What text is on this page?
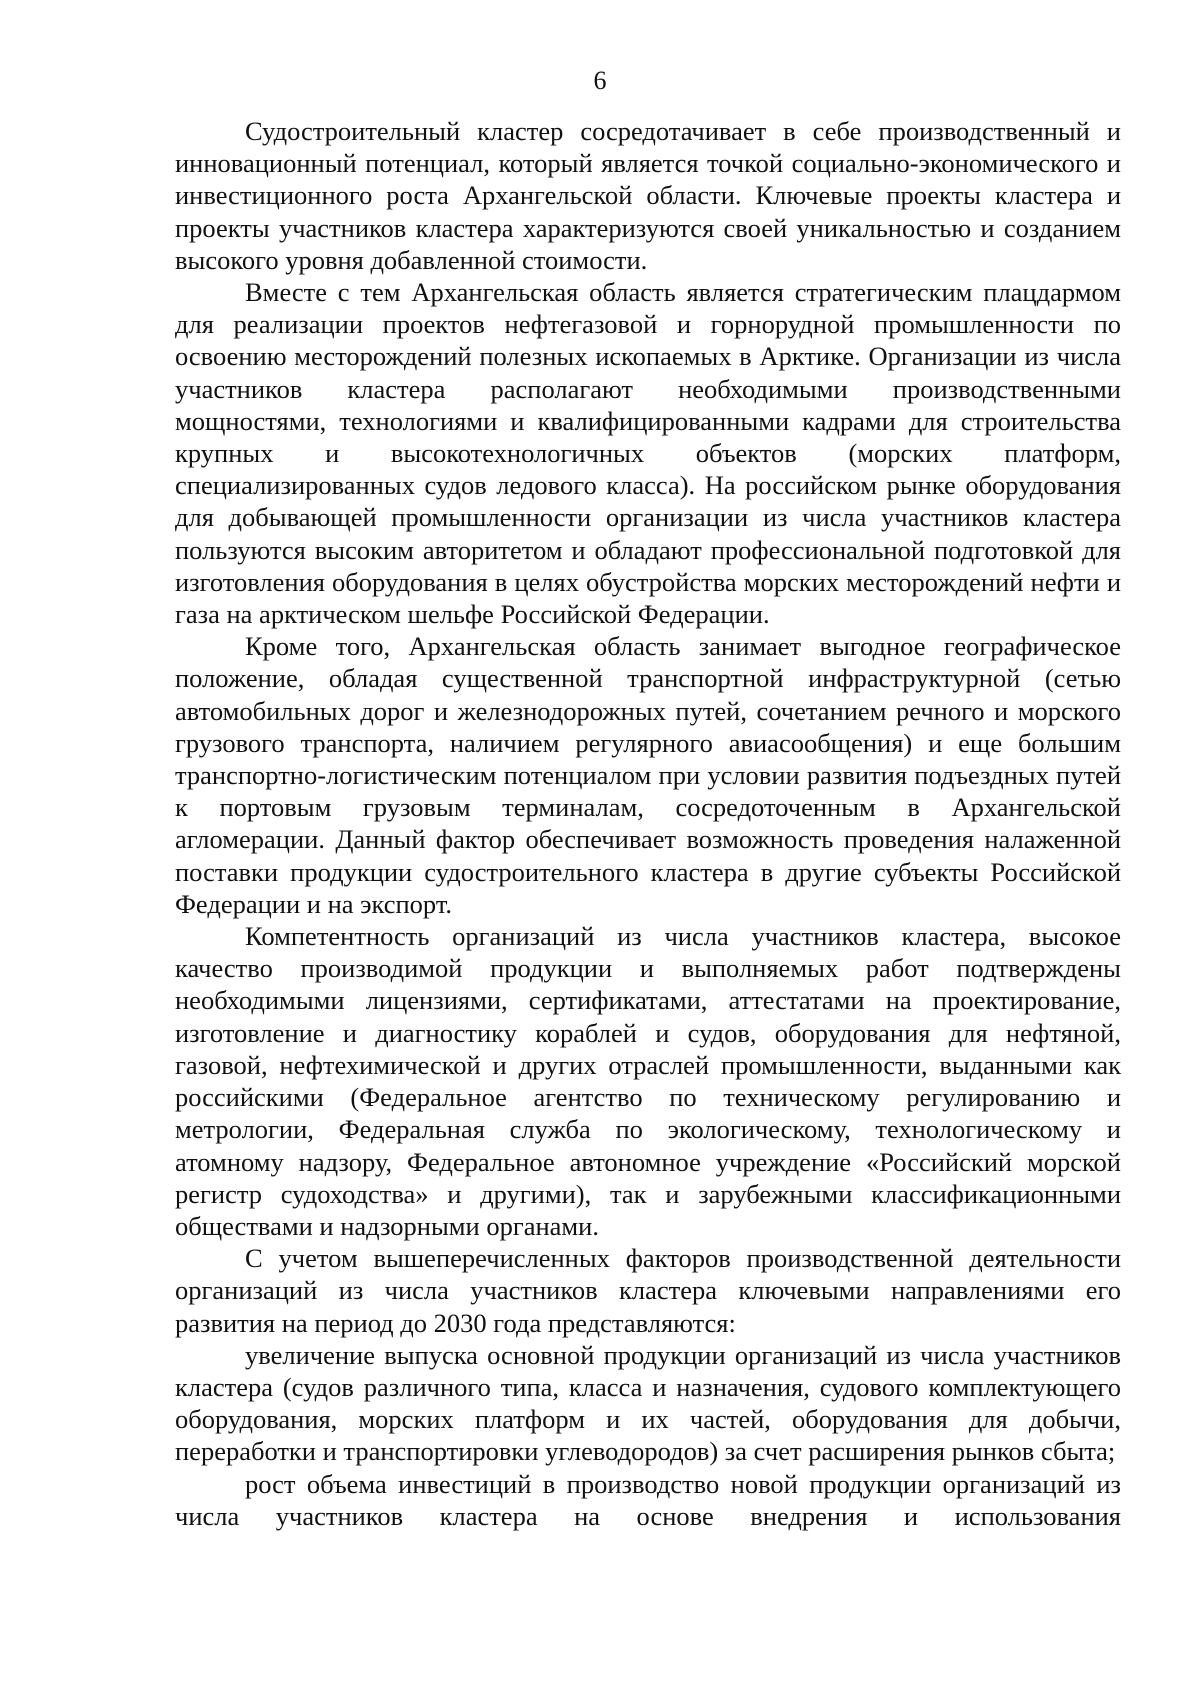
6

Судостроительный кластер сосредотачивает в себе производственный и инновационный потенциал, который является точкой социально-экономического и инвестиционного роста Архангельской области. Ключевые проекты кластера и проекты участников кластера характеризуются своей уникальностью и созданием высокого уровня добавленной стоимости.

Вместе с тем Архангельская область является стратегическим плацдармом для реализации проектов нефтегазовой и горнорудной промышленности по освоению месторождений полезных ископаемых в Арктике. Организации из числа участников кластера располагают необходимыми производственными мощностями, технологиями и квалифицированными кадрами для строительства крупных и высокотехнологичных объектов (морских платформ, специализированных судов ледового класса). На российском рынке оборудования для добывающей промышленности организации из числа участников кластера пользуются высоким авторитетом и обладают профессиональной подготовкой для изготовления оборудования в целях обустройства морских месторождений нефти и газа на арктическом шельфе Российской Федерации.

Кроме того, Архангельская область занимает выгодное географическое положение, обладая существенной транспортной инфраструктурной (сетью автомобильных дорог и железнодорожных путей, сочетанием речного и морского грузового транспорта, наличием регулярного авиасообщения) и еще большим транспортно-логистическим потенциалом при условии развития подъездных путей к портовым грузовым терминалам, сосредоточенным в Архангельской агломерации. Данный фактор обеспечивает возможность проведения налаженной поставки продукции судостроительного кластера в другие субъекты Российской Федерации и на экспорт.

Компетентность организаций из числа участников кластера, высокое качество производимой продукции и выполняемых работ подтверждены необходимыми лицензиями, сертификатами, аттестатами на проектирование, изготовление и диагностику кораблей и судов, оборудования для нефтяной, газовой, нефтехимической и других отраслей промышленности, выданными как российскими (Федеральное агентство по техническому регулированию и метрологии, Федеральная служба по экологическому, технологическому и атомному надзору, Федеральное автономное учреждение «Российский морской регистр судоходства» и другими), так и зарубежными классификационными обществами и надзорными органами.

С учетом вышеперечисленных факторов производственной деятельности организаций из числа участников кластера ключевыми направлениями его развития на период до 2030 года представляются:

увеличение выпуска основной продукции организаций из числа участников кластера (судов различного типа, класса и назначения, судового комплектующего оборудования, морских платформ и их частей, оборудования для добычи, переработки и транспортировки углеводородов) за счет расширения рынков сбыта;

рост объема инвестиций в производство новой продукции организаций из числа участников кластера на основе внедрения и использования
